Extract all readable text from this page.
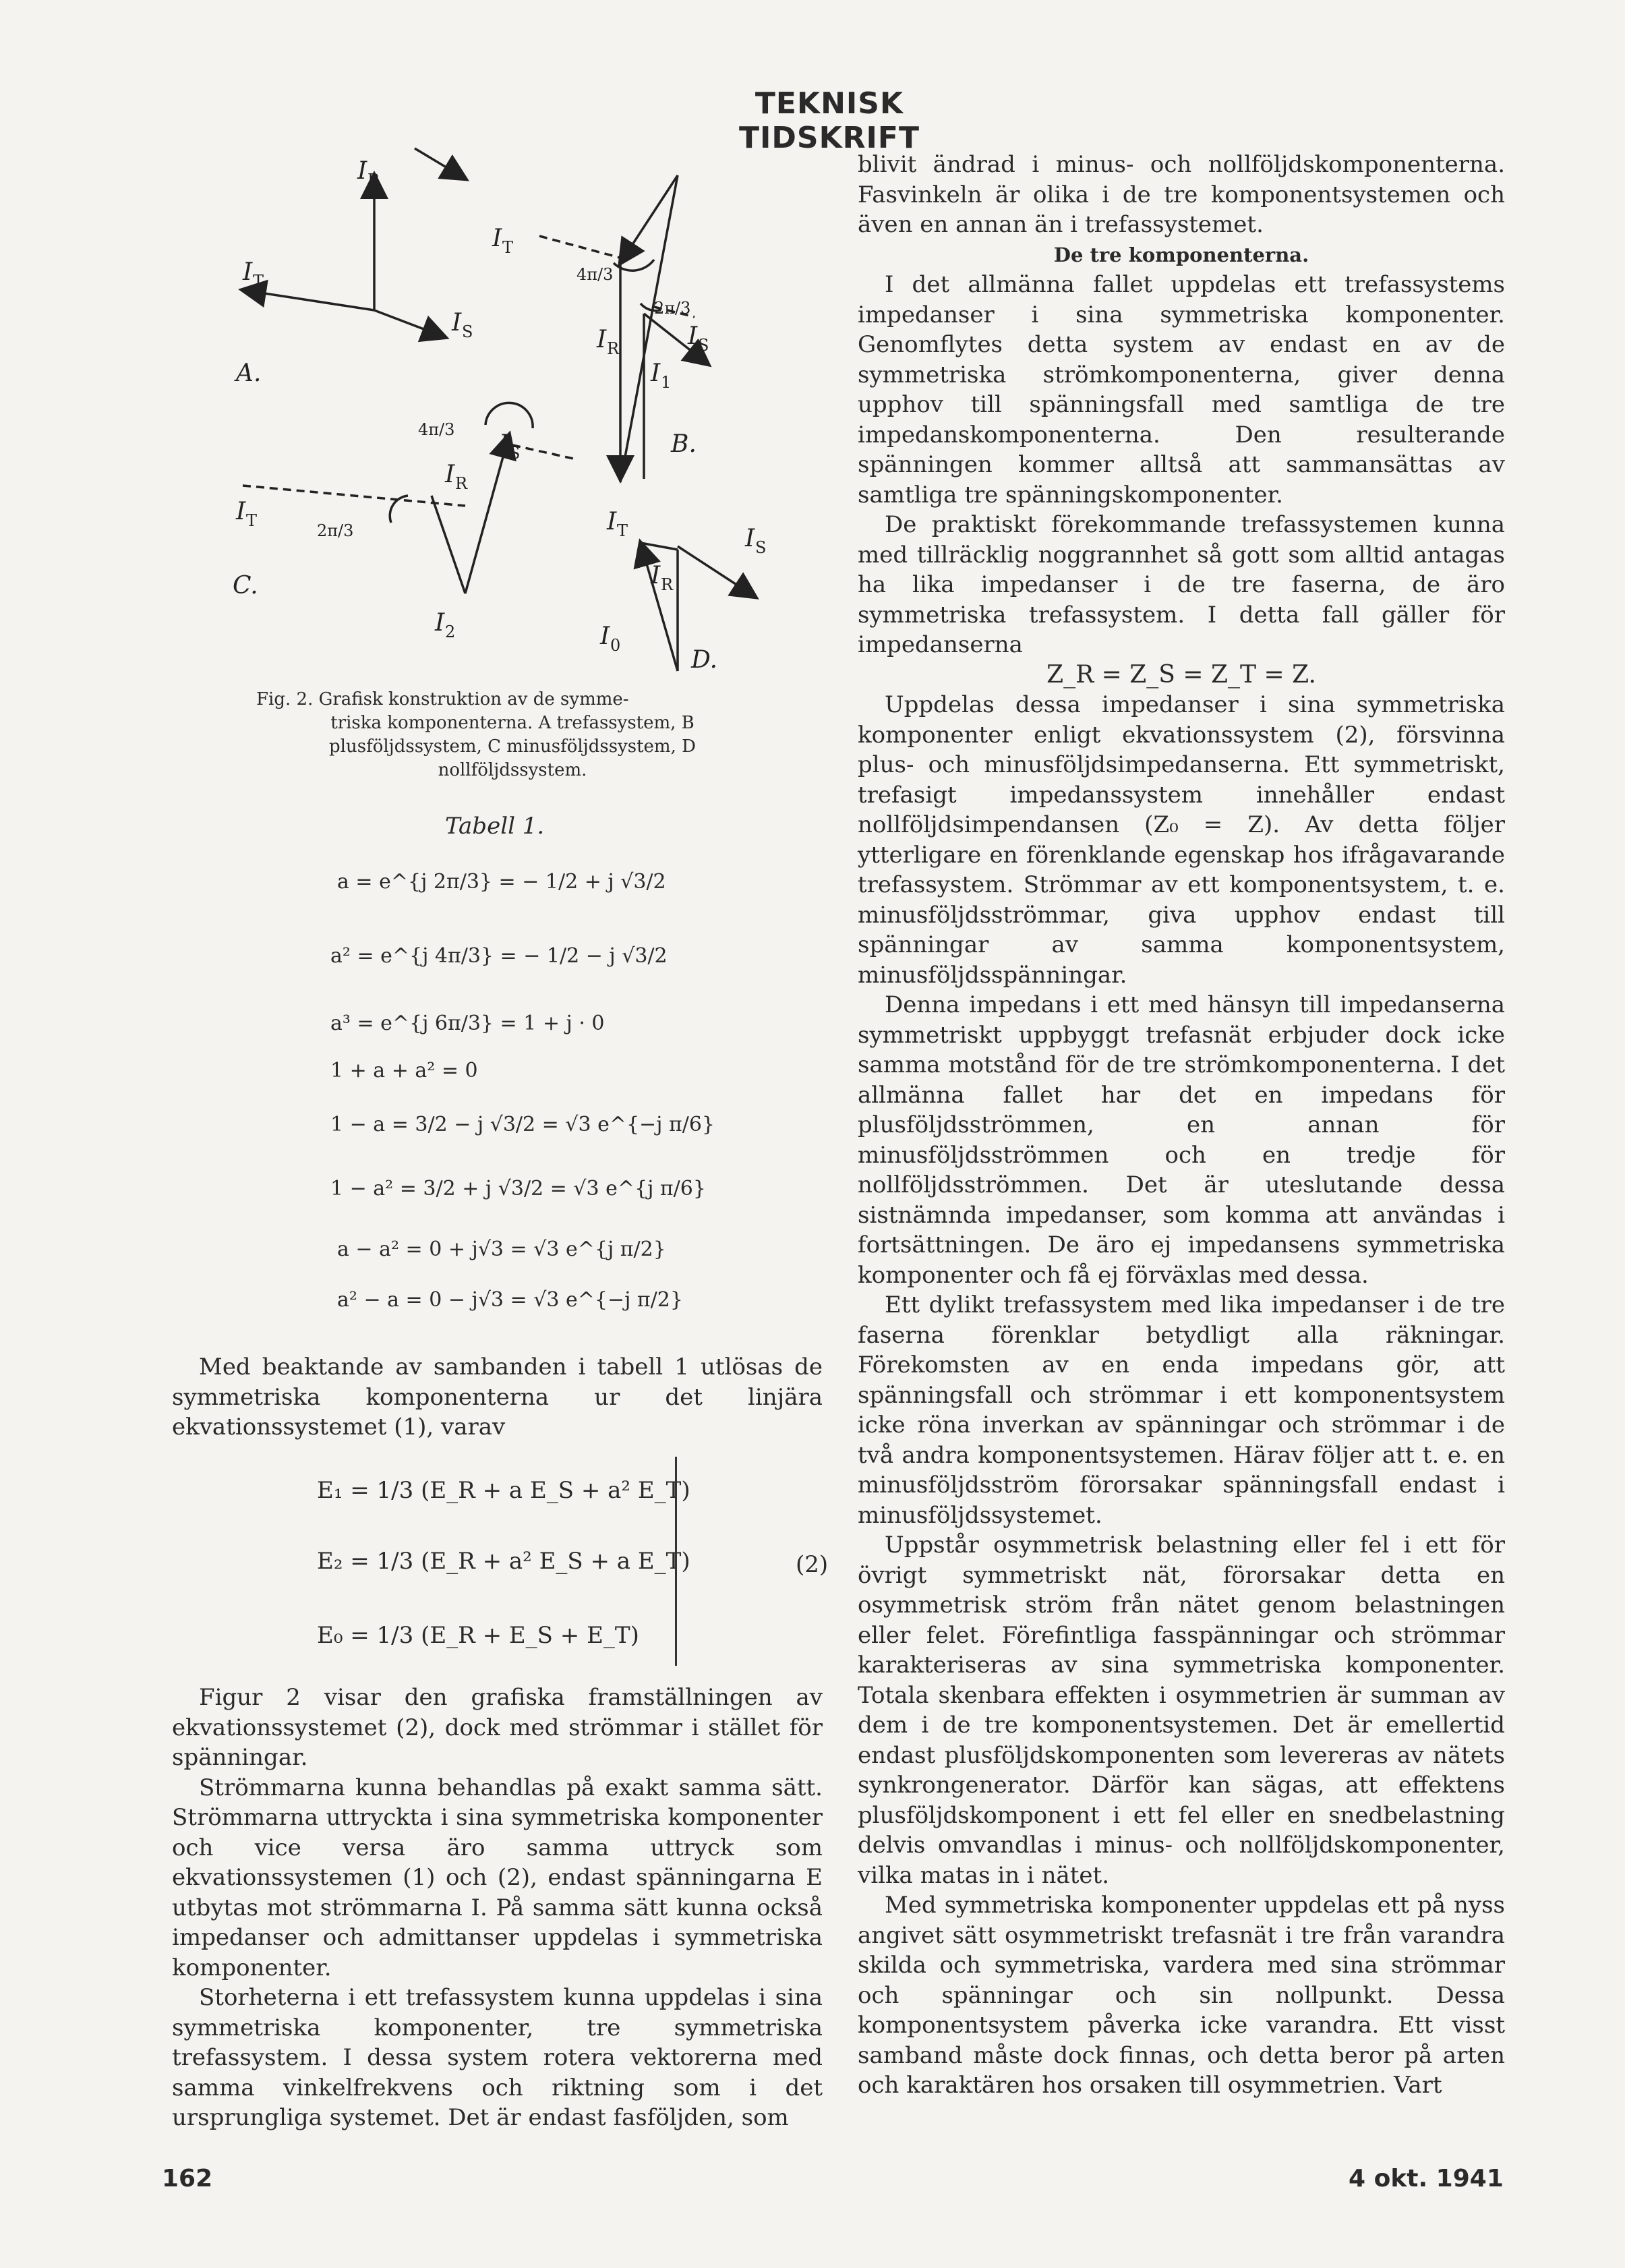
TEKNISK TIDSKRIFT
I R
I T
I S
A.
I T
4π/3
2π/3
I R	I S
I 1
B.
4π/3
I S
I R
I T
2π/3
C.
I 2
I T	I S
I R
I 0
D.
Fig. 2. Grafisk konstruktion av de symme-
triska komponenterna. A trefassystem, B
plusföljdssystem, C minusföljdssystem, D
nollföljdssystem.
Tabell 1.
a = e^{j 2π/3} = − 1/2 + j √3/2
a² = e^{j 4π/3} = − 1/2 − j √3/2
a³ = e^{j 6π/3} = 1 + j · 0
1 + a + a² = 0
1 − a = 3/2 − j √3/2 = √3 e^{−j π/6}
1 − a² = 3/2 + j √3/2 = √3 e^{j π/6}
a − a² = 0 + j√3 = √3 e^{j π/2}
a² − a = 0 − j√3 = √3 e^{−j π/2}

Med beaktande av sambanden i tabell 1 utlösas de symmetriska komponenterna ur det linjära ekvationssystemet (1), varav

E₁ = 1/3 (E_R + a E_S + a² E_T)
E₂ = 1/3 (E_R + a² E_S + a E_T)
E₀ = 1/3 (E_R + E_S + E_T)
(2)

Figur 2 visar den grafiska framställningen av ekvationssystemet (2), dock med strömmar i stället för spänningar.

Strömmarna kunna behandlas på exakt samma sätt. Strömmarna uttryckta i sina symmetriska komponenter och vice versa äro samma uttryck som ekvationssystemen (1) och (2), endast spänningarna E utbytas mot strömmarna I. På samma sätt kunna också impedanser och admittanser uppdelas i symmetriska komponenter.

Storheterna i ett trefassystem kunna uppdelas i sina symmetriska komponenter, tre symmetriska trefassystem. I dessa system rotera vektorerna med samma vinkelfrekvens och riktning som i det ursprungliga systemet. Det är endast fasföljden, som

blivit ändrad i minus- och nollföljdskomponenterna. Fasvinkeln är olika i de tre komponentsystemen och även en annan än i trefassystemet.

De tre komponenterna.

I det allmänna fallet uppdelas ett trefassystems impedanser i sina symmetriska komponenter. Genomflytes detta system av endast en av de symmetriska strömkomponenterna, giver denna upphov till spänningsfall med samtliga de tre impedanskomponenterna. Den resulterande spänningen kommer alltså att sammansättas av samtliga tre spänningskomponenter.

De praktiskt förekommande trefassystemen kunna med tillräcklig noggrannhet så gott som alltid antagas ha lika impedanser i de tre faserna, de äro symmetriska trefassystem. I detta fall gäller för impedanserna

Z_R = Z_S = Z_T = Z.

Uppdelas dessa impedanser i sina symmetriska komponenter enligt ekvationssystem (2), försvinna plus- och minusföljdsimpedanserna. Ett symmetriskt, trefasigt impedanssystem innehåller endast nollföljdsimpendansen (Z₀ = Z). Av detta följer ytterligare en förenklande egenskap hos ifrågavarande trefassystem. Strömmar av ett komponentsystem, t. e. minusföljdsströmmar, giva upphov endast till spänningar av samma komponentsystem, minusföljdsspänningar.

Denna impedans i ett med hänsyn till impedanserna symmetriskt uppbyggt trefasnät erbjuder dock icke samma motstånd för de tre strömkomponenterna. I det allmänna fallet har det en impedans för plusföljdsströmmen, en annan för minusföljdsströmmen och en tredje för nollföljdsströmmen. Det är uteslutande dessa sistnämnda impedanser, som komma att användas i fortsättningen. De äro ej impedansens symmetriska komponenter och få ej förväxlas med dessa.

Ett dylikt trefassystem med lika impedanser i de tre faserna förenklar betydligt alla räkningar. Förekomsten av en enda impedans gör, att spänningsfall och strömmar i ett komponentsystem icke röna inverkan av spänningar och strömmar i de två andra komponentsystemen. Härav följer att t. e. en minusföljdsström förorsakar spänningsfall endast i minusföljdssystemet.

Uppstår osymmetrisk belastning eller fel i ett för övrigt symmetriskt nät, förorsakar detta en osymmetrisk ström från nätet genom belastningen eller felet. Förefintliga fasspänningar och strömmar karakteriseras av sina symmetriska komponenter. Totala skenbara effekten i osymmetrien är summan av dem i de tre komponentsystemen. Det är emellertid endast plusföljdskomponenten som levereras av nätets synkrongenerator. Därför kan sägas, att effektens plusföljdskomponent i ett fel eller en snedbelastning delvis omvandlas i minus- och nollföljdskomponenter, vilka matas in i nätet.

Med symmetriska komponenter uppdelas ett på nyss angivet sätt osymmetriskt trefasnät i tre från varandra skilda och symmetriska, vardera med sina strömmar och spänningar och sin nollpunkt. Dessa komponentsystem påverka icke varandra. Ett visst samband måste dock finnas, och detta beror på arten och karaktären hos orsaken till osymmetrien. Vart

162	4 okt. 1941
